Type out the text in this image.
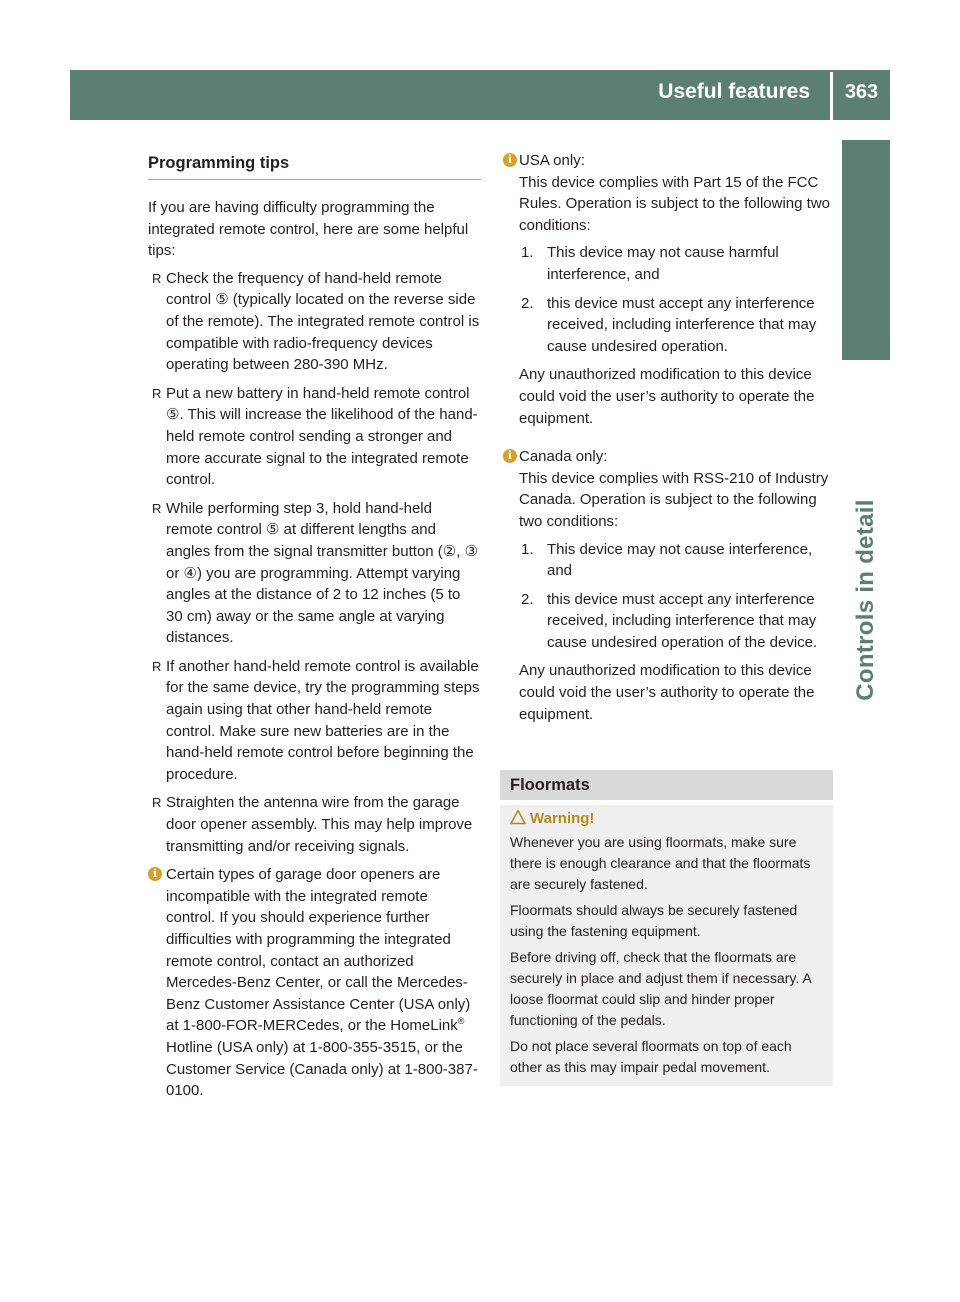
Useful features	363
Controls in detail
Programming tips

If you are having difficulty programming the integrated remote control, here are some helpful tips:

R Check the frequency of hand-held remote control ⑤ (typically located on the reverse side of the remote). The integrated remote control is compatible with radio-frequency devices operating between 280-390 MHz.
R Put a new battery in hand-held remote control ⑤. This will increase the likelihood of the hand-held remote control sending a stronger and more accurate signal to the integrated remote control.
R While performing step 3, hold hand-held remote control ⑤ at different lengths and angles from the signal transmitter button (②, ③ or ④) you are programming. Attempt varying angles at the distance of 2 to 12 inches (5 to 30 cm) away or the same angle at varying distances.
R If another hand-held remote control is available for the same device, try the programming steps again using that other hand-held remote control. Make sure new batteries are in the hand-held remote control before beginning the procedure.
R Straighten the antenna wire from the garage door opener assembly. This may help improve transmitting and/or receiving signals.
i Certain types of garage door openers are incompatible with the integrated remote control. If you should experience further difficulties with programming the integrated remote control, contact an authorized Mercedes-Benz Center, or call the Mercedes-Benz Customer Assistance Center (USA only) at 1-800-FOR-MERCedes, or the HomeLink® Hotline (USA only) at 1-800-355-3515, or the Customer Service (Canada only) at 1-800-387-0100.
i USA only:

This device complies with Part 15 of the FCC Rules. Operation is subject to the following two conditions:

1. This device may not cause harmful interference, and
2. this device must accept any interference received, including interference that may cause undesired operation.

Any unauthorized modification to this device could void the user’s authority to operate the equipment.

i Canada only:

This device complies with RSS-210 of Industry Canada. Operation is subject to the following two conditions:

1. This device may not cause interference, and
2. this device must accept any interference received, including interference that may cause undesired operation of the device.

Any unauthorized modification to this device could void the user’s authority to operate the equipment.

Floormats
Warning!

Whenever you are using floormats, make sure there is enough clearance and that the floormats are securely fastened.

Floormats should always be securely fastened using the fastening equipment.

Before driving off, check that the floormats are securely in place and adjust them if necessary. A loose floormat could slip and hinder proper functioning of the pedals.

Do not place several floormats on top of each other as this may impair pedal movement.
